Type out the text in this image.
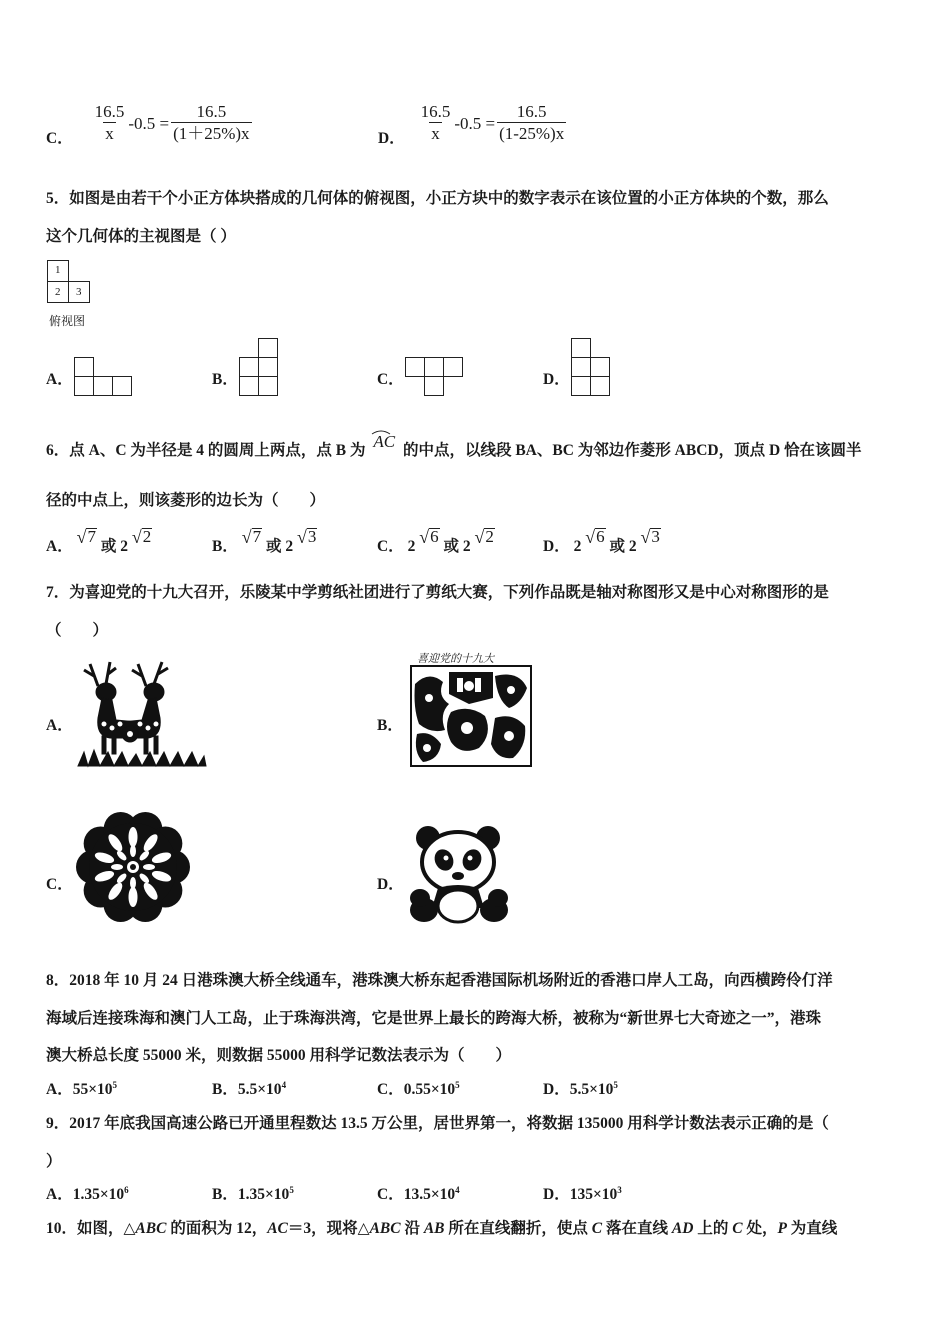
C． $\frac{16.5}{x} -0.5 = \frac{16.5}{(1+25\%)x}$	D． $\frac{16.5}{x} -0.5 = \frac{16.5}{(1-25\%)x}$
5．如图是由若干个小正方体块搭成的几何体的俯视图，小正方块中的数字表示在该位置的小正方体块的个数，那么
这个几何体的主视图是（ ）
1
2 3
俯视图
A．	B．	C．	D．
6．点 A、C 为半径是 4 的圆周上两点，点 B 为 AC 的中点，以线段 BA、BC 为邻边作菱形 ABCD，顶点 D 恰在该圆半
径的中点上，则该菱形的边长为（　　）
A． √ 7
或 2 √ 2
B． √ 7
或 2 √ 3
C． 2 √ 6
或 2 √ 2
D． 2 √ 6
或 2 √ 3
7．为喜迎党的十九大召开，乐陵某中学剪纸社团进行了剪纸大赛，下列作品既是轴对称图形又是中心对称图形的是
（　　）
A．	B．
喜迎党的十九大
C．	D．
8．2018 年 10 月 24 日港珠澳大桥全线通车，港珠澳大桥东起香港国际机场附近的香港口岸人工岛，向西横跨伶仃洋
海域后连接珠海和澳门人工岛，止于珠海洪湾，它是世界上最长的跨海大桥，被称为“新世界七大奇迹之一”，港珠
澳大桥总长度 55000 米，则数据 55000 用科学记数法表示为（　　）
A．$55\times 10^5$	B．$5.5\times 10^4$	C．$0.55\times 10^5$	D．$5.5\times 10^5$
9．2017 年底我国高速公路已开通里程数达 13.5 万公里，居世界第一，将数据 135000 用科学计数法表示正确的是（
）
A．$1.35\times 10^6$	B．$1.35\times 10^5$	C．$13.5\times 10^4$	D．$135\times 10^3$
10．如图，△ABC 的面积为 12，AC＝3，现将△ABC 沿 AB 所在直线翻折，使点 C 落在直线 AD 上的 C 处，P 为直线
